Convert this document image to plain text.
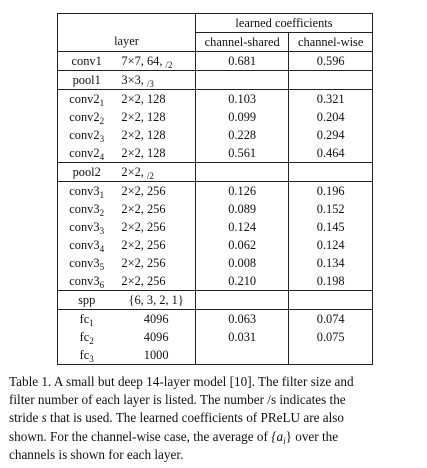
		learned coefficients	
layer		channel-shared	channel-wise
conv1	7×7, 64, $_{/2}$	0.681	0.596
pool1	3×3, $_{/3}$		
$conv2_1$	2×2, 128	0.103	0.321
$conv2_2$	2×2, 128	0.099	0.204
$conv2_3$	2×2, 128	0.228	0.294
$conv2_4$	2×2, 128	0.561	0.464
pool2	2×2, $_{/2}$		
$conv3_1$	2×2, 256	0.126	0.196
$conv3_2$	2×2, 256	0.089	0.152
$conv3_3$	2×2, 256	0.124	0.145
$conv3_4$	2×2, 256	0.062	0.124
$conv3_5$	2×2, 256	0.008	0.134
$conv3_6$	2×2, 256	0.210	0.198
spp	{6, 3, 2, 1}		
$fc_1$	4096	0.063	0.074
$fc_2$	4096	0.031	0.075
$fc_3$	1000		
Table 1. A small but deep 14-layer model [10]. The filter size and
filter number of each layer is listed. The number /s indicates the
stride s that is used. The learned coefficients of PReLU are also
shown. For the channel-wise case, the average of $\{a_i\}$ over the
channels is shown for each layer.
